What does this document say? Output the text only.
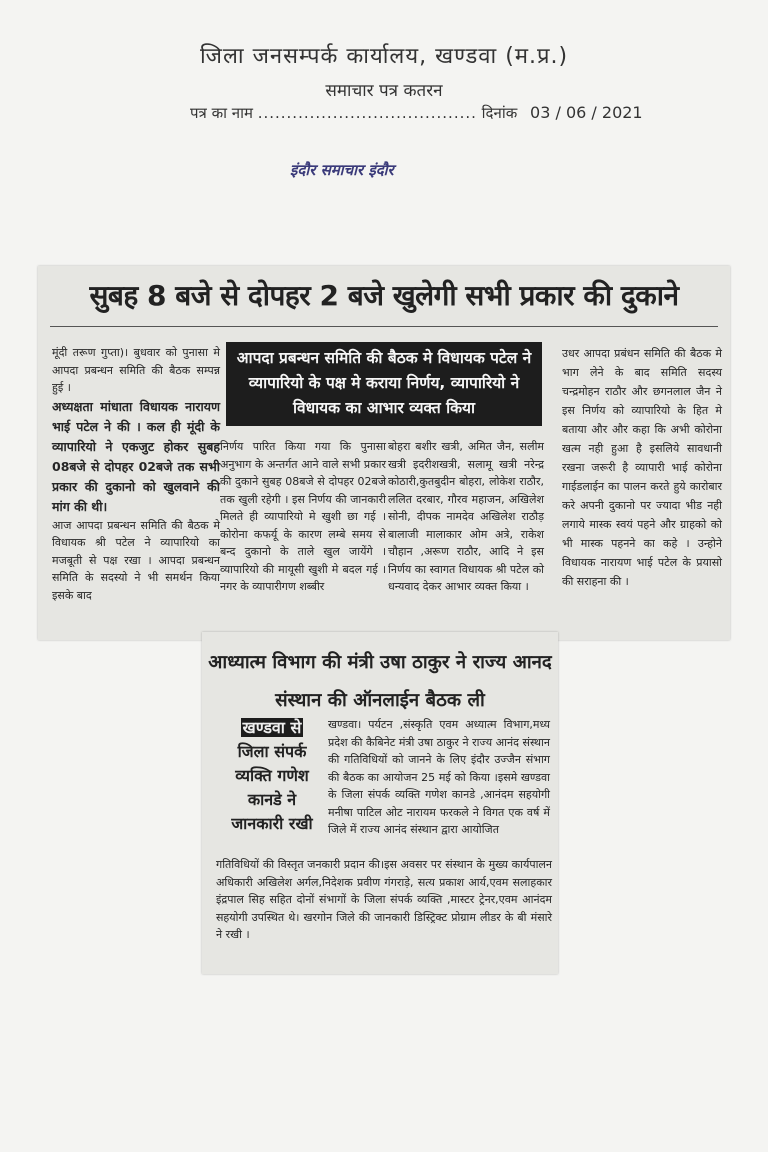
जिला जनसम्पर्क कार्यालय, खण्डवा (म.प्र.)
समाचार पत्र कतरन
पत्र का नाम ...................................... दिनांक 03 / 06 / 2021
इंदौर समाचार इंदौर
सुबह 8 बजे से दोपहर 2 बजे खुलेगी सभी प्रकार की दुकाने
आपदा प्रबन्धन समिति की बैठक मे विधायक पटेल ने व्यापारियो के पक्ष मे कराया निर्णय, व्यापारियो ने विधायक का आभार व्यक्त किया

मूंदी तरूण गुप्ता)। बुधवार को पुनासा मे आपदा प्रबन्धन समिति की बैठक सम्पन्न हुई ।

अध्यक्षता मांधाता विधायक नारायण भाई पटेल ने की । कल ही मूंदी के व्यापारियो ने एकजुट होकर सुबह 08बजे से दोपहर 02बजे तक सभी प्रकार की दुकानो को खुलवाने की मांग की थी।

आज आपदा प्रबन्धन समिति की बैठक मे विधायक श्री पटेल ने व्यापारियो का मजबूती से पक्ष रखा । आपदा प्रबन्धन समिति के सदस्यो ने भी समर्थन किया इसके बाद

निर्णय पारित किया गया कि पुनासा अनुभाग के अन्तर्गत आने वाले सभी प्रकार की दुकाने सुबह 08बजे से दोपहर 02बजे तक खुली रहेगी । इस निर्णय की जानकारी मिलते ही व्यापारियो मे खुशी छा गई । कोरोना कफर्यू के कारण लम्बे समय से बन्द दुकानो के ताले खुल जायेंगे । व्यापारियो की मायूसी खुशी मे बदल गई । नगर के व्यापारीगण शब्बीर
बोहरा बशीर खत्री, अमित जैन, सलीम खत्री इदरीशखत्री, सलामू खत्री नरेन्द्र कोठारी,कुतबुदीन बोहरा, लोकेश राठौर, ललित दरबार, गौरव महाजन, अखिलेश सोनी, दीपक नामदेव अखिलेश राठौड़ बालाजी मालाकार ओम अत्रे, राकेश चौहान ,अरूण राठौर, आदि ने इस निर्णय का स्वागत विधायक श्री पटेल को धन्यवाद देकर आभार व्यक्त किया ।
उधर आपदा प्रबंधन समिति की बैठक मे भाग लेने के बाद समिति सदस्य चन्द्रमोहन राठौर और छगनलाल जैन ने इस निर्णय को व्यापारियो के हित मे बताया और और कहा कि अभी कोरोना खत्म नही हुआ है इसलिये सावधानी रखना जरूरी है व्यापारी भाई कोरोना गाईडलाईन का पालन करते हुये कारोबार करे अपनी दुकानो पर ज्यादा भीड नही लगाये मास्क स्वयं पहने और ग्राहको को भी मास्क पहनने का कहे । उन्होने विधायक नारायण भाई पटेल के प्रयासो की सराहना की ।
आध्यात्म विभाग की मंत्री उषा ठाकुर ने राज्य आनद संस्थान की ऑनलाईन बैठक ली
खण्डवा से
जिला संपर्क व्यक्ति गणेश कानडे ने जानकारी रखी
खण्डवा। पर्यटन ,संस्कृति एवम अध्यात्म विभाग,मध्य प्रदेश की कैबिनेट मंत्री उषा ठाकुर ने राज्य आनंद संस्थान की गतिविधियों को जानने के लिए इंदौर उज्जैन संभाग की बैठक का आयोजन 25 मई को किया ।इसमे खण्डवा के जिला संपर्क व्यक्ति गणेश कानडे ,आनंदम सहयोगी मनीषा पाटिल ओट नारायम फरकले ने विगत एक वर्ष में जिले में राज्य आनंद संस्थान द्वारा आयोजित
गतिविधियों की विस्तृत जनकारी प्रदान की।इस अवसर पर संस्थान के मुख्य कार्यपालन अधिकारी अखिलेश अर्गल,निदेशक प्रवीण गंगराड़े, सत्य प्रकाश आर्य,एवम सलाहकार इंद्रपाल सिह सहित दोनों संभागों के जिला संपर्क व्यक्ति ,मास्टर ट्रेनर,एवम आनंदम सहयोगी उपस्थित थे। खरगोन जिले की जानकारी डिस्ट्रिक्ट प्रोग्राम लीडर के बी मंसारे ने रखी ।
